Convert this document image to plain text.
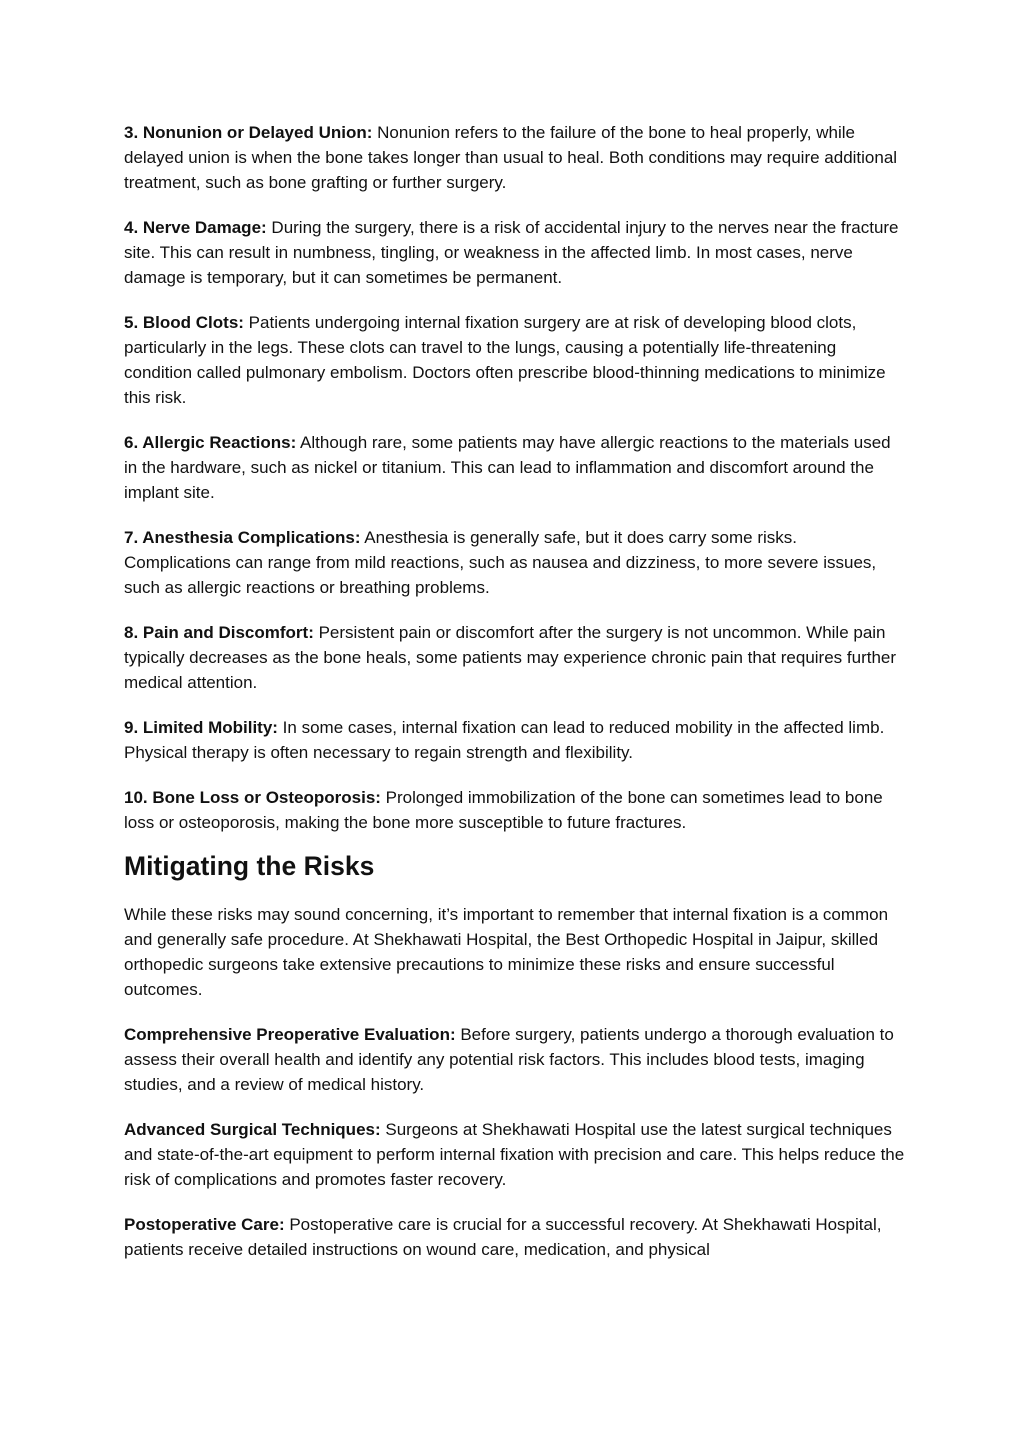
3. Nonunion or Delayed Union: Nonunion refers to the failure of the bone to heal properly, while delayed union is when the bone takes longer than usual to heal. Both conditions may require additional treatment, such as bone grafting or further surgery.

4. Nerve Damage: During the surgery, there is a risk of accidental injury to the nerves near the fracture site. This can result in numbness, tingling, or weakness in the affected limb. In most cases, nerve damage is temporary, but it can sometimes be permanent.

5. Blood Clots: Patients undergoing internal fixation surgery are at risk of developing blood clots, particularly in the legs. These clots can travel to the lungs, causing a potentially life-threatening condition called pulmonary embolism. Doctors often prescribe blood-thinning medications to minimize this risk.

6. Allergic Reactions: Although rare, some patients may have allergic reactions to the materials used in the hardware, such as nickel or titanium. This can lead to inflammation and discomfort around the implant site.

7. Anesthesia Complications: Anesthesia is generally safe, but it does carry some risks. Complications can range from mild reactions, such as nausea and dizziness, to more severe issues, such as allergic reactions or breathing problems.

8. Pain and Discomfort: Persistent pain or discomfort after the surgery is not uncommon. While pain typically decreases as the bone heals, some patients may experience chronic pain that requires further medical attention.

9. Limited Mobility: In some cases, internal fixation can lead to reduced mobility in the affected limb. Physical therapy is often necessary to regain strength and flexibility.

10. Bone Loss or Osteoporosis: Prolonged immobilization of the bone can sometimes lead to bone loss or osteoporosis, making the bone more susceptible to future fractures.

Mitigating the Risks

While these risks may sound concerning, it’s important to remember that internal fixation is a common and generally safe procedure. At Shekhawati Hospital, the Best Orthopedic Hospital in Jaipur, skilled orthopedic surgeons take extensive precautions to minimize these risks and ensure successful outcomes.

Comprehensive Preoperative Evaluation: Before surgery, patients undergo a thorough evaluation to assess their overall health and identify any potential risk factors. This includes blood tests, imaging studies, and a review of medical history.

Advanced Surgical Techniques: Surgeons at Shekhawati Hospital use the latest surgical techniques and state-of-the-art equipment to perform internal fixation with precision and care. This helps reduce the risk of complications and promotes faster recovery.

Postoperative Care: Postoperative care is crucial for a successful recovery. At Shekhawati Hospital, patients receive detailed instructions on wound care, medication, and physical
